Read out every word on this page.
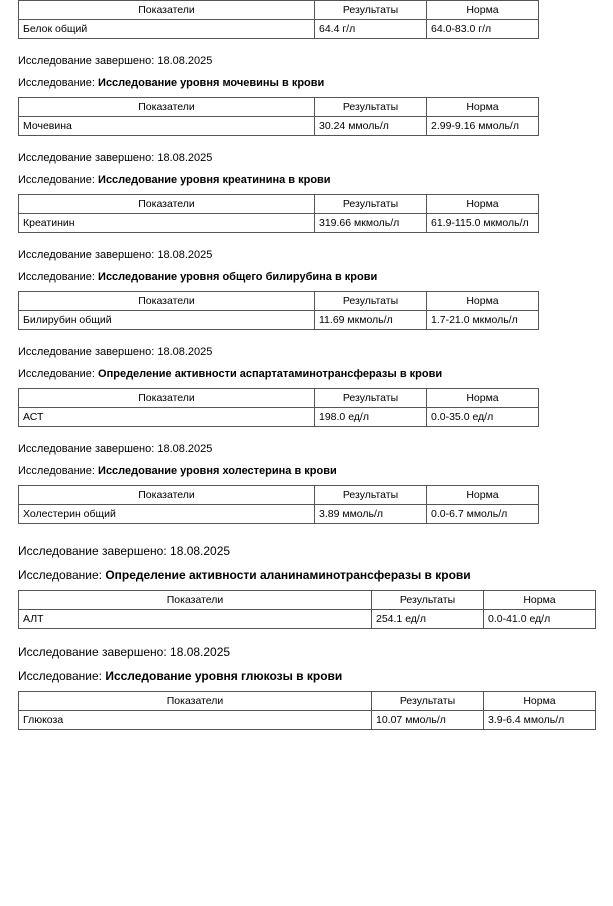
Показатели	Результаты	Норма
Белок общий	64.4 г/л	64.0-83.0 г/л
Исследование завершено: 18.08.2025
Исследование: Исследование уровня мочевины в крови
Показатели	Результаты	Норма
Мочевина	30.24 ммоль/л	2.99-9.16 ммоль/л
Исследование завершено: 18.08.2025
Исследование: Исследование уровня креатинина в крови
Показатели	Результаты	Норма
Креатинин	319.66 мкмоль/л	61.9-115.0 мкмоль/л
Исследование завершено: 18.08.2025
Исследование: Исследование уровня общего билирубина в крови
Показатели	Результаты	Норма
Билирубин общий	11.69 мкмоль/л	1.7-21.0 мкмоль/л
Исследование завершено: 18.08.2025
Исследование: Определение активности аспартатаминотрансферазы в крови
Показатели	Результаты	Норма
АСТ	198.0 ед/л	0.0-35.0 ед/л
Исследование завершено: 18.08.2025
Исследование: Исследование уровня холестерина в крови
Показатели	Результаты	Норма
Холестерин общий	3.89 ммоль/л	0.0-6.7 ммоль/л
Исследование завершено: 18.08.2025
Исследование: Определение активности аланинаминотрансферазы в крови
Показатели	Результаты	Норма
АЛТ	254.1 ед/л	0.0-41.0 ед/л
Исследование завершено: 18.08.2025
Исследование: Исследование уровня глюкозы в крови
Показатели	Результаты	Норма
Глюкоза	10.07 ммоль/л	3.9-6.4 ммоль/л
